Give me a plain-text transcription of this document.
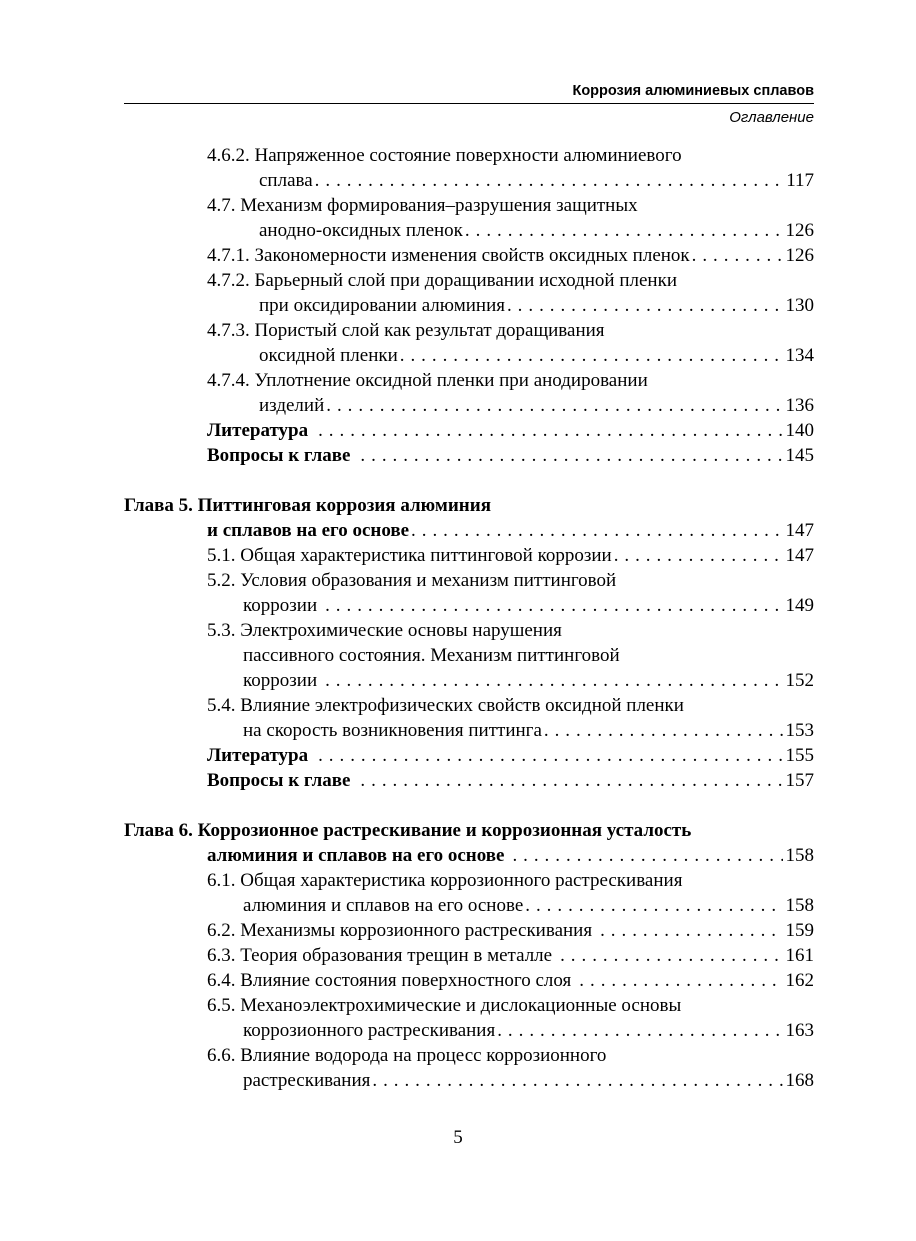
Коррозия алюминиевых сплавов
Оглавление
4.6.2. Напряженное состояние поверхности алюминиевого
сплава . . .	117
4.7. Механизм формирования–разрушения защитных
анодно-оксидных пленок . . .	126
4.7.1. Закономерности изменения свойств оксидных пленок . . .	126
4.7.2. Барьерный слой при доращивании исходной пленки
при оксидировании алюминия . . .	130
4.7.3. Пористый слой как результат доращивания
оксидной пленки . . .	134
4.7.4. Уплотнение оксидной пленки при анодировании
изделий . . .	136
Литература . . .	140
Вопросы к главе . . .	145
Глава 5. Питтинговая коррозия алюминия
и сплавов на его основе . . .	147
5.1. Общая характеристика питтинговой коррозии . . .	147
5.2. Условия образования и механизм питтинговой
коррозии . . .	149
5.3. Электрохимические основы нарушения
пассивного состояния. Механизм питтинговой
коррозии . . .	152
5.4. Влияние электрофизических свойств оксидной пленки
на скорость возникновения питтинга . . .	153
Литература . . .	155
Вопросы к главе . . .	157
Глава 6. Коррозионное растрескивание и коррозионная усталость
алюминия и сплавов на его основе . . .	158
6.1. Общая характеристика коррозионного растрескивания
алюминия и сплавов на его основе . . .	158
6.2. Механизмы коррозионного растрескивания . . .	159
6.3. Теория образования трещин в металле . . .	161
6.4. Влияние состояния поверхностного слоя . . .	162
6.5. Механоэлектрохимические и дислокационные основы
коррозионного растрескивания . . .	163
6.6. Влияние водорода на процесс коррозионного
растрескивания . . .	168
5
